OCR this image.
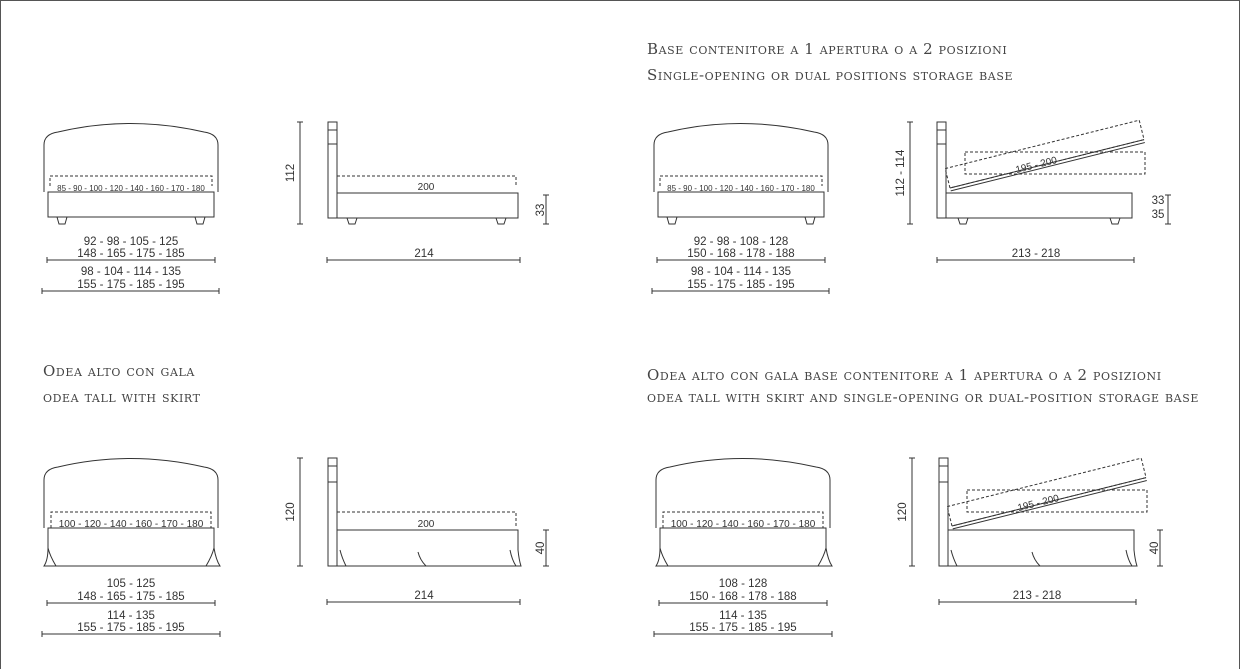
Base contenitore a 1 apertura o a 2 posizioni
Single-opening or dual positions storage base
Odea alto con gala
odea tall with skirt
Odea alto con gala base contenitore a 1 apertura o a 2 posizioni
odea tall with skirt and single-opening or dual-position storage base
85 - 90 - 100 - 120 - 140 - 160 - 170 - 180
92 - 98 - 105 - 125
148 - 165 - 175 - 185
98 - 104 - 114 - 135
155 - 175 - 185 - 195
112
200
33
214
85 - 90 - 100 - 120 - 140 - 160 - 170 - 180
92 - 98 - 108 - 128
150 - 168 - 178 - 188
98 - 104 - 114 - 135
155 - 175 - 185 - 195
112 - 114	195 - 200
33
35
213 - 218
100 - 120 - 140 - 160 - 170 - 180
105 - 125
148 - 165 - 175 - 185
114 - 135
155 - 175 - 185 - 195
120
200
40
214
100 - 120 - 140 - 160 - 170 - 180
108 - 128
150 - 168 - 178 - 188
114 - 135
155 - 175 - 185 - 195
120	195 - 200
40
213 - 218
